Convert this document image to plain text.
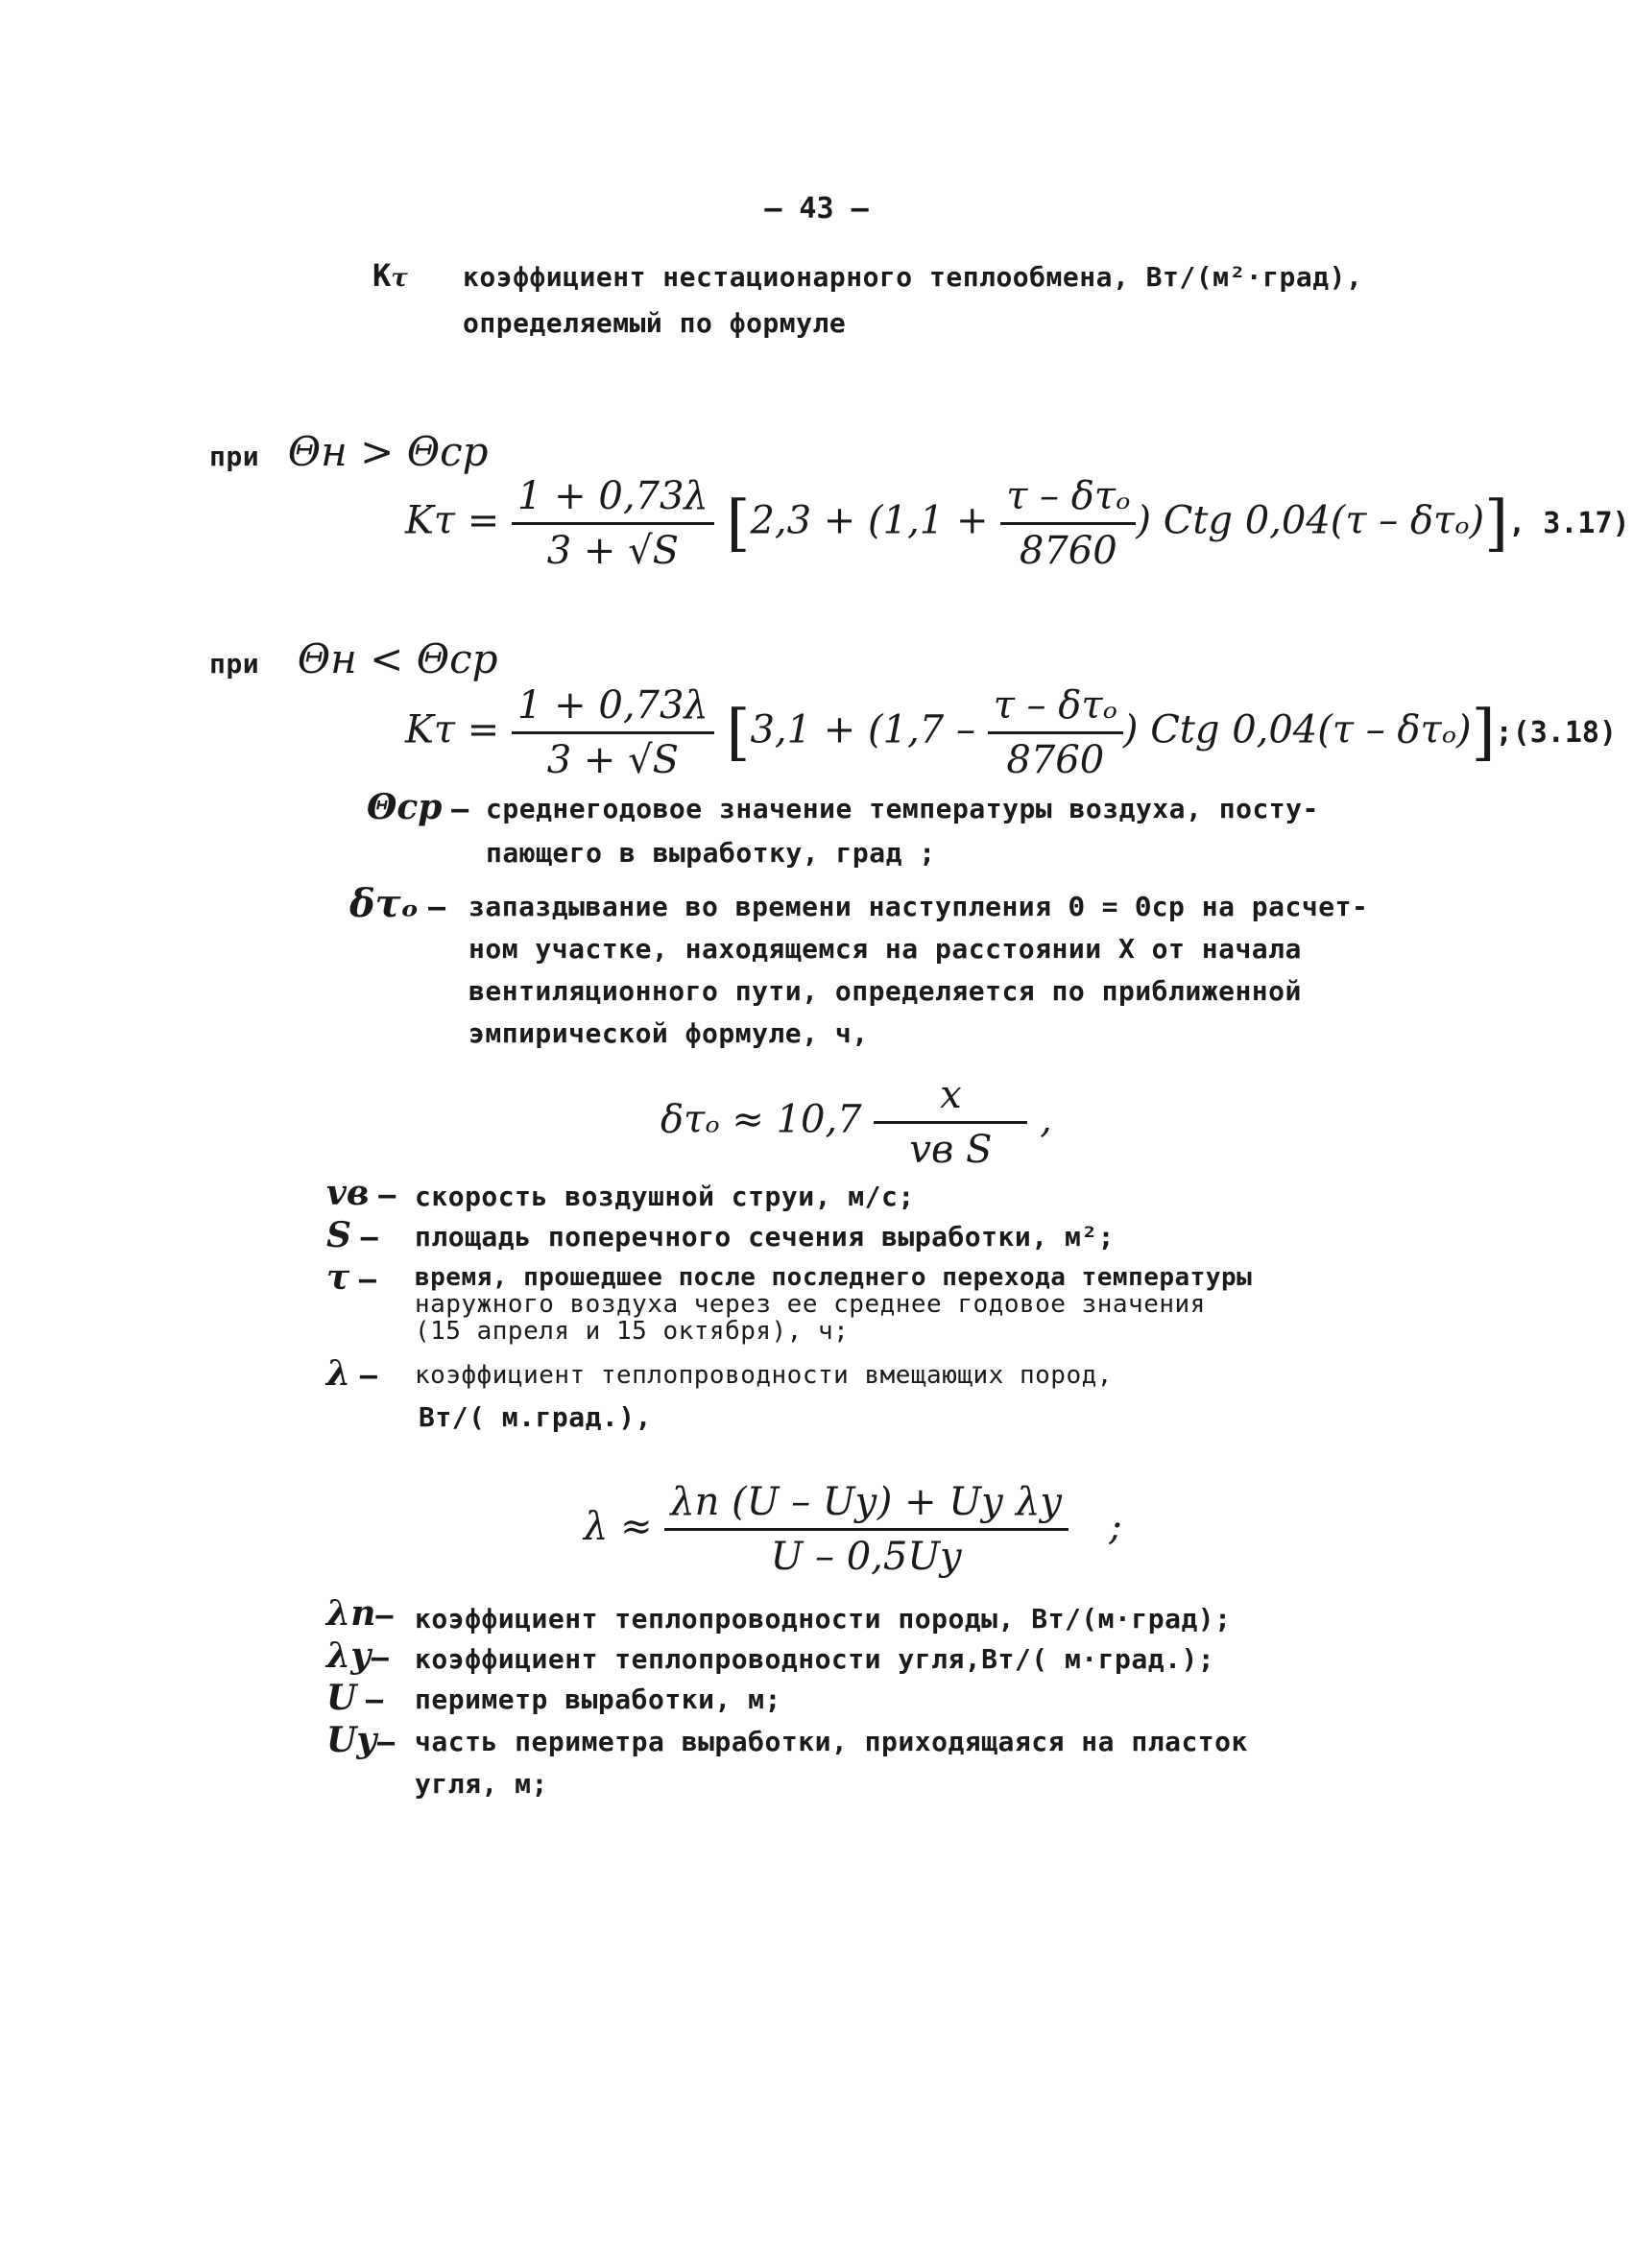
– 43 –
Kτ коэффициент нестационарного теплообмена, Вт/(м²·град),
определяемый по формуле
при Θн > Θср
$K\tau = \frac{1 + 0,73\lambda}{3 + √S} [2,3 + (1,1 + \frac{\text{τ – δτₒ}}{8760}$ ) Ctg 0,04(τ – δτₒ)], 3.17)
при Θн < Θср
$K\tau = \frac{1 + 0,73\lambda}{3 + √S} [3,1 + (1,7 - \frac{\text{τ – δτₒ}}{8760}$ ) Ctg 0,04(τ – δτₒ)];(3.18)
Θср – среднегодовое значение температуры воздуха, посту-
пающего в выработку, град ;
δτₒ – запаздывание во времени наступления Θ = Θср на расчет-
ном участке, находящемся на расстоянии X от начала
вентиляционного пути, определяется по приближенной
эмпирической формуле, ч,
$\delta\tau_o \approx 10,7 \frac{x}{\text{vв S}}$ ,
vв – скорость воздушной струи, м/с;
S – площадь поперечного сечения выработки, м²;
τ – время, прошедшее после последнего перехода температуры
наружного воздуха через ее среднее годовое значения
(15 апреля и 15 октября), ч;
λ – коэффициент теплопроводности вмещающих пород,
Вт/( м.град.),
$\lambda \approx \frac{\text{λп (U – Uу) + Uу λу}}{U - 0,5Uу}$ ;
λп– коэффициент теплопроводности породы, Вт/(м·град);
λу– коэффициент теплопроводности угля,Вт/( м·град.);
U – периметр выработки, м;
Uу– часть периметра выработки, приходящаяся на пласток
угля, м;
